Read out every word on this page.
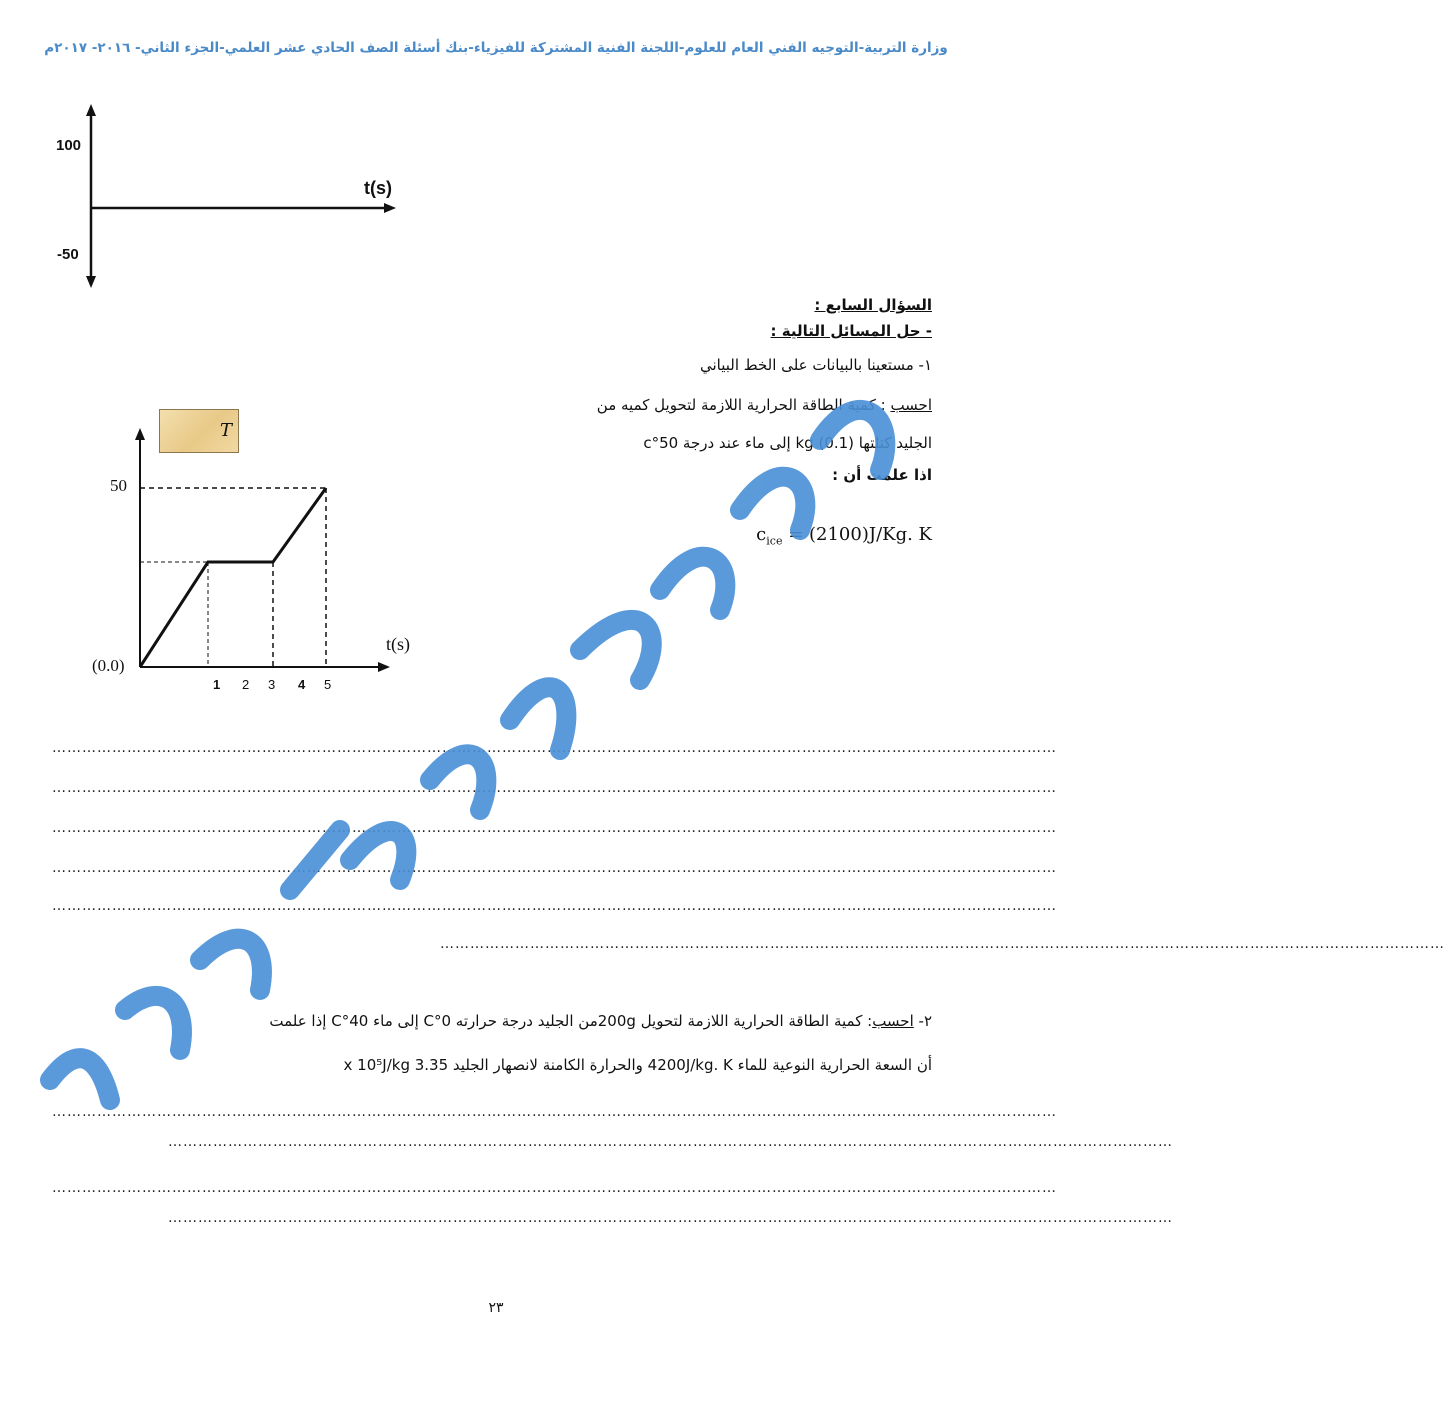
وزارة التربية-التوجيه الفني العام للعلوم-اللجنة الفنية المشتركة للفيزياء-بنك أسئلة الصف الحادي عشر العلمي-الجزء الثاني- ٢٠١٦- ٢٠١٧م
100
-50
t(s)
السؤال السابع :
- حل المسائل التالية :
١- مستعينا بالبيانات على الخط البياني
احسب : كمية الطاقة الحرارية اللازمة لتحويل كميه من
الجليد كتلتها kg (0.1) إلى ماء عند درجة 50°c
اذا علمت أن :
$c_{ice} = (2100)J/Kg$. K
T
50
(0.0)
t(s)
1 2 3 4 5
…………………………………………………………………………………………………………………………………………………………………………………
…………………………………………………………………………………………………………………………………………………………………………………
…………………………………………………………………………………………………………………………………………………………………………………
…………………………………………………………………………………………………………………………………………………………………………………
…………………………………………………………………………………………………………………………………………………………………………………
…………………………………………………………………………………………………………………………………………………………………………………
٢- احسب: كمية الطاقة الحرارية اللازمة لتحويل 200gمن الجليد درجة حرارته 0°C إلى ماء 40°C إذا علمت
أن السعة الحرارية النوعية للماء 4200J/kg. K والحرارة الكامنة لانصهار الجليد 3.35 x 10⁵J/kg
…………………………………………………………………………………………………………………………………………………………………………………
…………………………………………………………………………………………………………………………………………………………………………………
…………………………………………………………………………………………………………………………………………………………………………………
…………………………………………………………………………………………………………………………………………………………………………………
٢٣
